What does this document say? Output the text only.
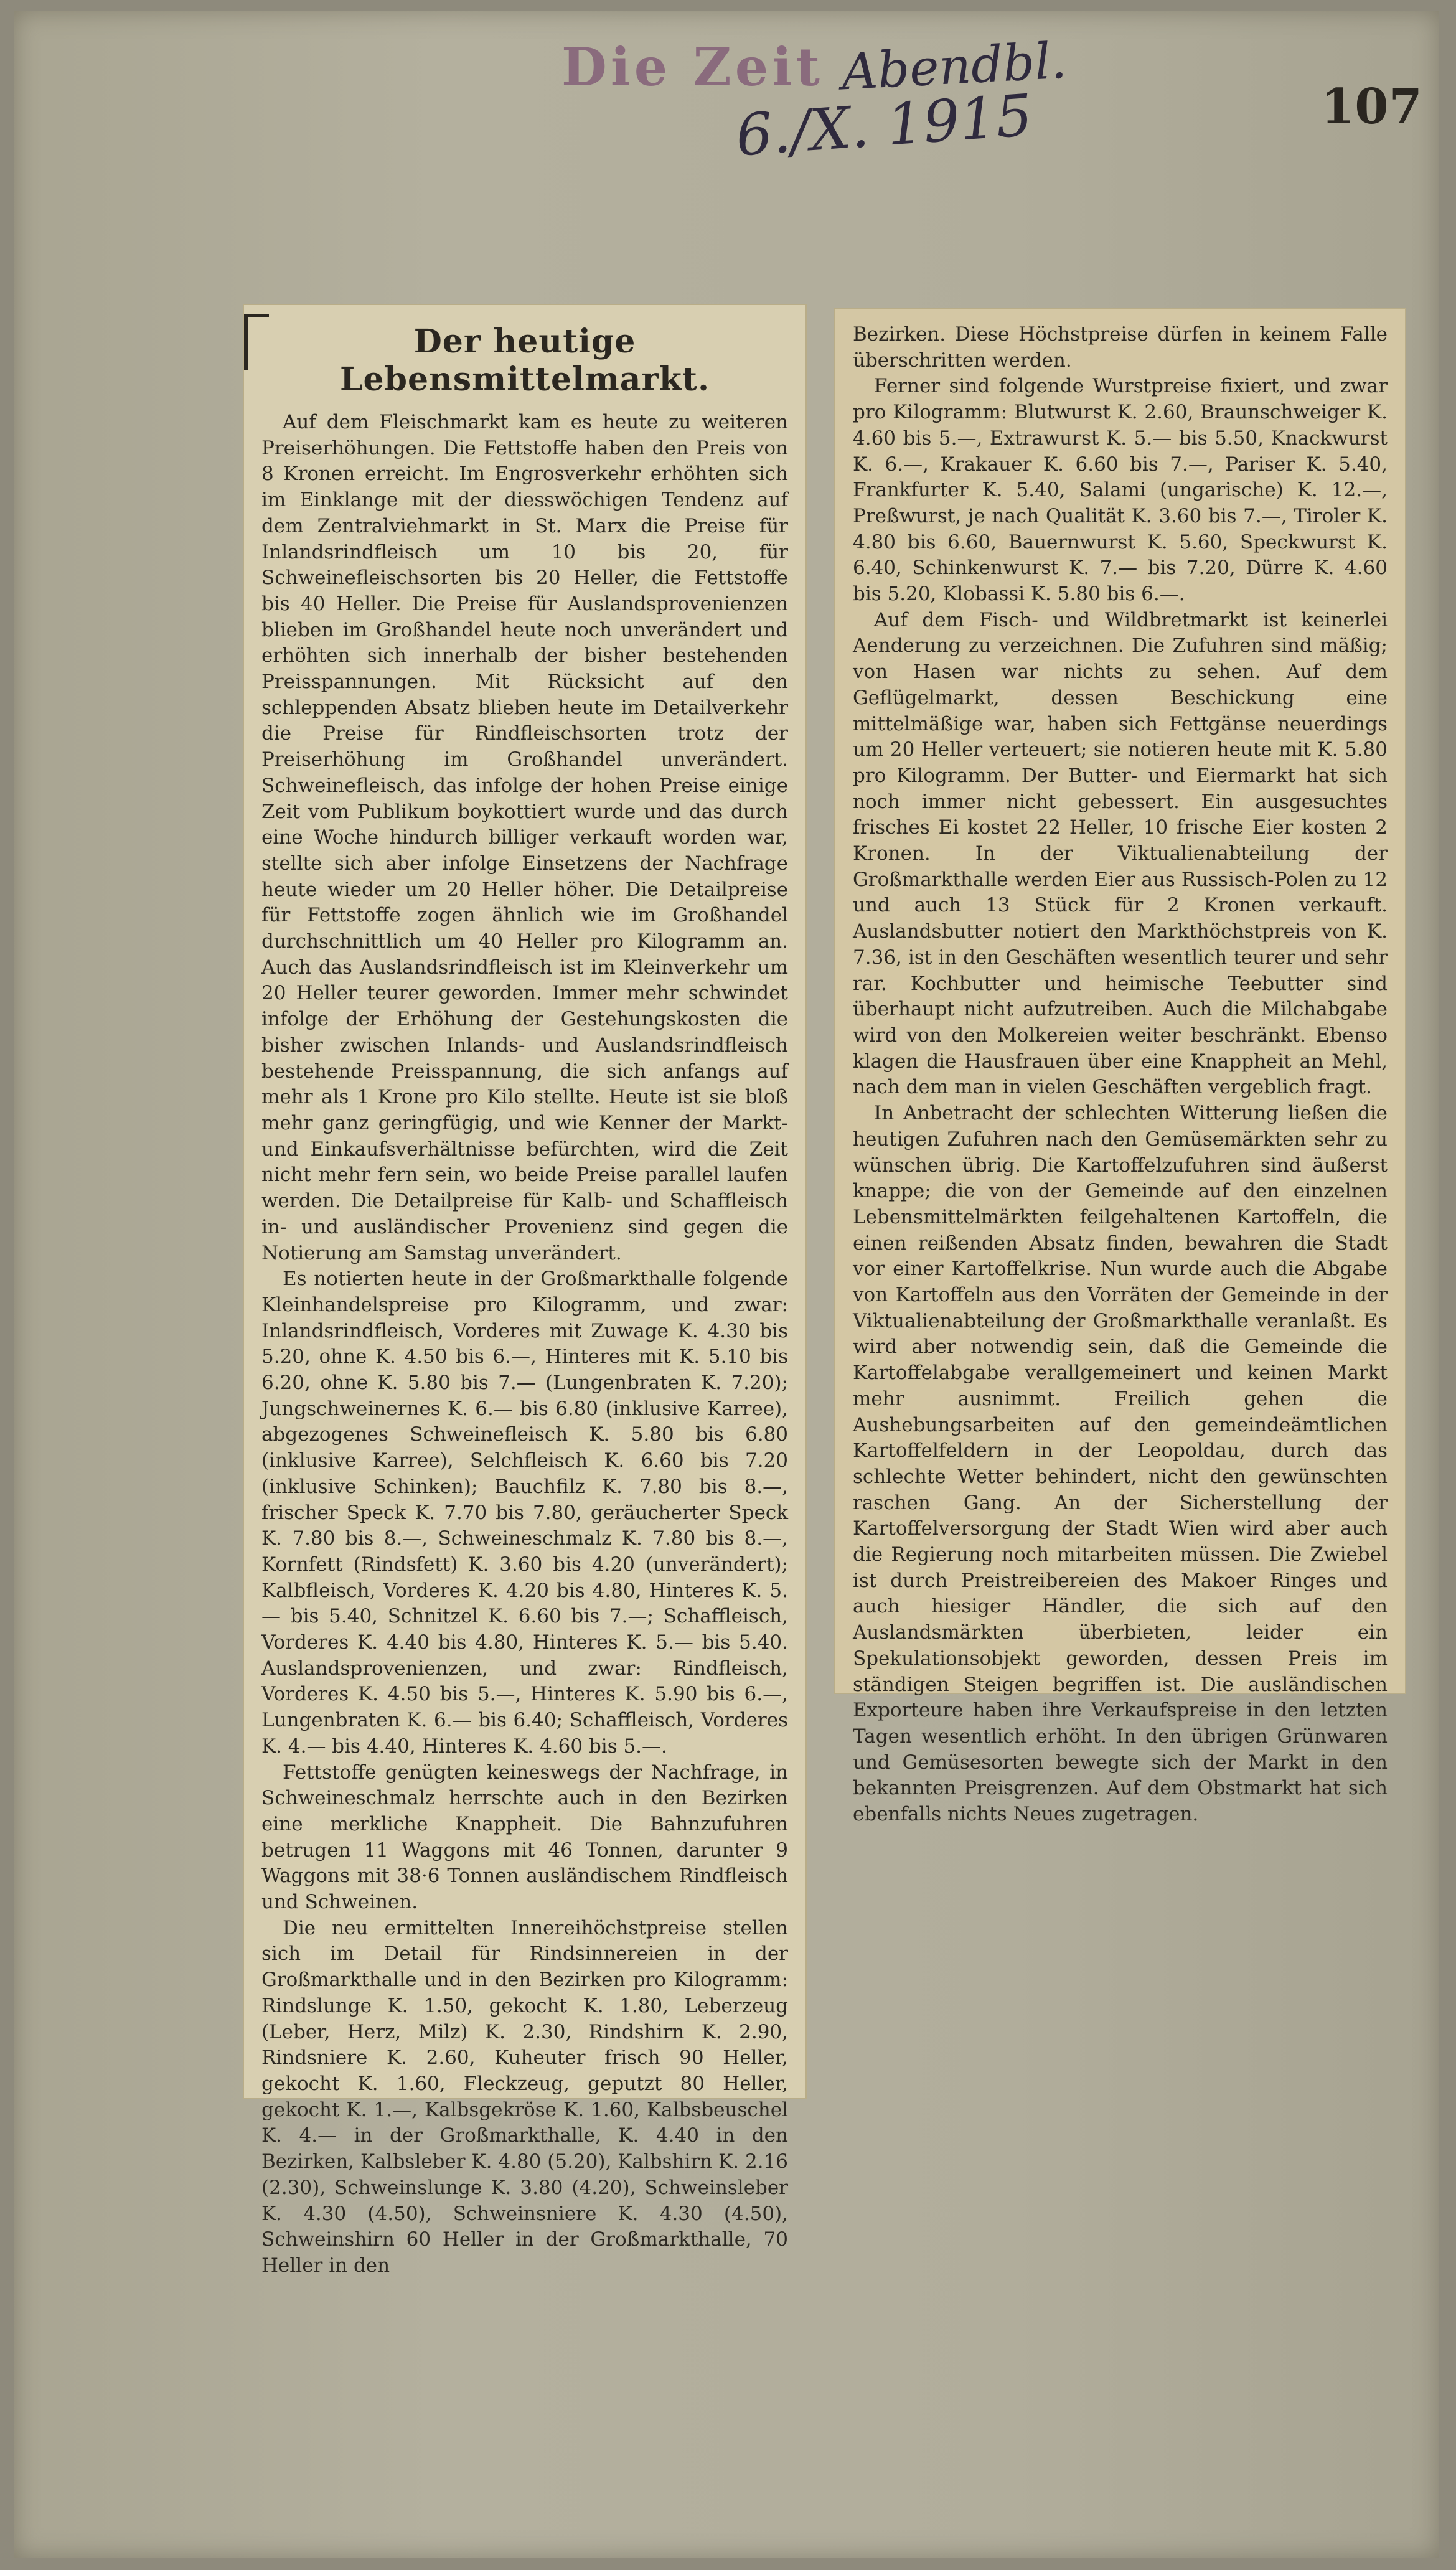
Die Zeit Abendbl.
6./X. 1915	107
Der heutige Lebensmittelmarkt.

Auf dem Fleischmarkt kam es heute zu weiteren Preiserhöhungen. Die Fettstoffe haben den Preis von 8 Kronen erreicht. Im Engrosverkehr erhöhten sich im Einklange mit der diesswöchigen Tendenz auf dem Zentralviehmarkt in St. Marx die Preise für Inlandsrindfleisch um 10 bis 20, für Schweinefleischsorten bis 20 Heller, die Fettstoffe bis 40 Heller. Die Preise für Auslandsprovenienzen blieben im Großhandel heute noch unverändert und erhöhten sich innerhalb der bisher bestehenden Preisspannungen. Mit Rücksicht auf den schleppenden Absatz blieben heute im Detailverkehr die Preise für Rindfleischsorten trotz der Preiserhöhung im Großhandel unverändert. Schweinefleisch, das infolge der hohen Preise einige Zeit vom Publikum boykottiert wurde und das durch eine Woche hindurch billiger verkauft worden war, stellte sich aber infolge Einsetzens der Nachfrage heute wieder um 20 Heller höher. Die Detailpreise für Fettstoffe zogen ähnlich wie im Großhandel durchschnittlich um 40 Heller pro Kilogramm an. Auch das Auslandsrindfleisch ist im Kleinverkehr um 20 Heller teurer geworden. Immer mehr schwindet infolge der Erhöhung der Gestehungskosten die bisher zwischen Inlands- und Auslandsrindfleisch bestehende Preisspannung, die sich anfangs auf mehr als 1 Krone pro Kilo stellte. Heute ist sie bloß mehr ganz geringfügig, und wie Kenner der Markt- und Einkaufsverhältnisse befürchten, wird die Zeit nicht mehr fern sein, wo beide Preise parallel laufen werden. Die Detailpreise für Kalb- und Schaffleisch in- und ausländischer Provenienz sind gegen die Notierung am Samstag unverändert.

Es notierten heute in der Großmarkthalle folgende Kleinhandelspreise pro Kilogramm, und zwar: Inlandsrindfleisch, Vorderes mit Zuwage K. 4.30 bis 5.20, ohne K. 4.50 bis 6.—, Hinteres mit K. 5.10 bis 6.20, ohne K. 5.80 bis 7.— (Lungenbraten K. 7.20); Jungschweinernes K. 6.— bis 6.80 (inklusive Karree), abgezogenes Schweinefleisch K. 5.80 bis 6.80 (inklusive Karree), Selchfleisch K. 6.60 bis 7.20 (inklusive Schinken); Bauchfilz K. 7.80 bis 8.—, frischer Speck K. 7.70 bis 7.80, geräucherter Speck K. 7.80 bis 8.—, Schweineschmalz K. 7.80 bis 8.—, Kornfett (Rindsfett) K. 3.60 bis 4.20 (unverändert); Kalbfleisch, Vorderes K. 4.20 bis 4.80, Hinteres K. 5.— bis 5.40, Schnitzel K. 6.60 bis 7.—; Schaffleisch, Vorderes K. 4.40 bis 4.80, Hinteres K. 5.— bis 5.40. Auslandsprovenienzen, und zwar: Rindfleisch, Vorderes K. 4.50 bis 5.—, Hinteres K. 5.90 bis 6.—, Lungenbraten K. 6.— bis 6.40; Schaffleisch, Vorderes K. 4.— bis 4.40, Hinteres K. 4.60 bis 5.—.

Fettstoffe genügten keineswegs der Nachfrage, in Schweineschmalz herrschte auch in den Bezirken eine merkliche Knappheit. Die Bahnzufuhren betrugen 11 Waggons mit 46 Tonnen, darunter 9 Waggons mit 38·6 Tonnen ausländischem Rindfleisch und Schweinen.

Die neu ermittelten Innereihöchstpreise stellen sich im Detail für Rindsinnereien in der Großmarkthalle und in den Bezirken pro Kilogramm: Rindslunge K. 1.50, gekocht K. 1.80, Leberzeug (Leber, Herz, Milz) K. 2.30, Rindshirn K. 2.90, Rindsniere K. 2.60, Kuheuter frisch 90 Heller, gekocht K. 1.60, Fleckzeug, geputzt 80 Heller, gekocht K. 1.—, Kalbsgekröse K. 1.60, Kalbsbeuschel K. 4.— in der Großmarkthalle, K. 4.40 in den Bezirken, Kalbsleber K. 4.80 (5.20), Kalbshirn K. 2.16 (2.30), Schweinslunge K. 3.80 (4.20), Schweinsleber K. 4.30 (4.50), Schweinsniere K. 4.30 (4.50), Schweinshirn 60 Heller in der Großmarkthalle, 70 Heller in den

Bezirken. Diese Höchstpreise dürfen in keinem Falle überschritten werden.

Ferner sind folgende Wurstpreise fixiert, und zwar pro Kilogramm: Blutwurst K. 2.60, Braunschweiger K. 4.60 bis 5.—, Extrawurst K. 5.— bis 5.50, Knackwurst K. 6.—, Krakauer K. 6.60 bis 7.—, Pariser K. 5.40, Frankfurter K. 5.40, Salami (ungarische) K. 12.—, Preßwurst, je nach Qualität K. 3.60 bis 7.—, Tiroler K. 4.80 bis 6.60, Bauernwurst K. 5.60, Speckwurst K. 6.40, Schinkenwurst K. 7.— bis 7.20, Dürre K. 4.60 bis 5.20, Klobassi K. 5.80 bis 6.—.

Auf dem Fisch- und Wildbretmarkt ist keinerlei Aenderung zu verzeichnen. Die Zufuhren sind mäßig; von Hasen war nichts zu sehen. Auf dem Geflügelmarkt, dessen Beschickung eine mittelmäßige war, haben sich Fettgänse neuerdings um 20 Heller verteuert; sie notieren heute mit K. 5.80 pro Kilogramm. Der Butter- und Eiermarkt hat sich noch immer nicht gebessert. Ein ausgesuchtes frisches Ei kostet 22 Heller, 10 frische Eier kosten 2 Kronen. In der Viktualienabteilung der Großmarkthalle werden Eier aus Russisch-Polen zu 12 und auch 13 Stück für 2 Kronen verkauft. Auslandsbutter notiert den Markthöchstpreis von K. 7.36, ist in den Geschäften wesentlich teurer und sehr rar. Kochbutter und heimische Teebutter sind überhaupt nicht aufzutreiben. Auch die Milchabgabe wird von den Molkereien weiter beschränkt. Ebenso klagen die Hausfrauen über eine Knappheit an Mehl, nach dem man in vielen Geschäften vergeblich fragt.

In Anbetracht der schlechten Witterung ließen die heutigen Zufuhren nach den Gemüsemärkten sehr zu wünschen übrig. Die Kartoffelzufuhren sind äußerst knappe; die von der Gemeinde auf den einzelnen Lebensmittelmärkten feilgehaltenen Kartoffeln, die einen reißenden Absatz finden, bewahren die Stadt vor einer Kartoffelkrise. Nun wurde auch die Abgabe von Kartoffeln aus den Vorräten der Gemeinde in der Viktualienabteilung der Großmarkthalle veranlaßt. Es wird aber notwendig sein, daß die Gemeinde die Kartoffelabgabe verallgemeinert und keinen Markt mehr ausnimmt. Freilich gehen die Aushebungsarbeiten auf den gemeindeämtlichen Kartoffelfeldern in der Leopoldau, durch das schlechte Wetter behindert, nicht den gewünschten raschen Gang. An der Sicherstellung der Kartoffelversorgung der Stadt Wien wird aber auch die Regierung noch mitarbeiten müssen. Die Zwiebel ist durch Preistreibereien des Makoer Ringes und auch hiesiger Händler, die sich auf den Auslandsmärkten überbieten, leider ein Spekulationsobjekt geworden, dessen Preis im ständigen Steigen begriffen ist. Die ausländischen Exporteure haben ihre Verkaufspreise in den letzten Tagen wesentlich erhöht. In den übrigen Grünwaren und Gemüsesorten bewegte sich der Markt in den bekannten Preisgrenzen. Auf dem Obstmarkt hat sich ebenfalls nichts Neues zugetragen.
